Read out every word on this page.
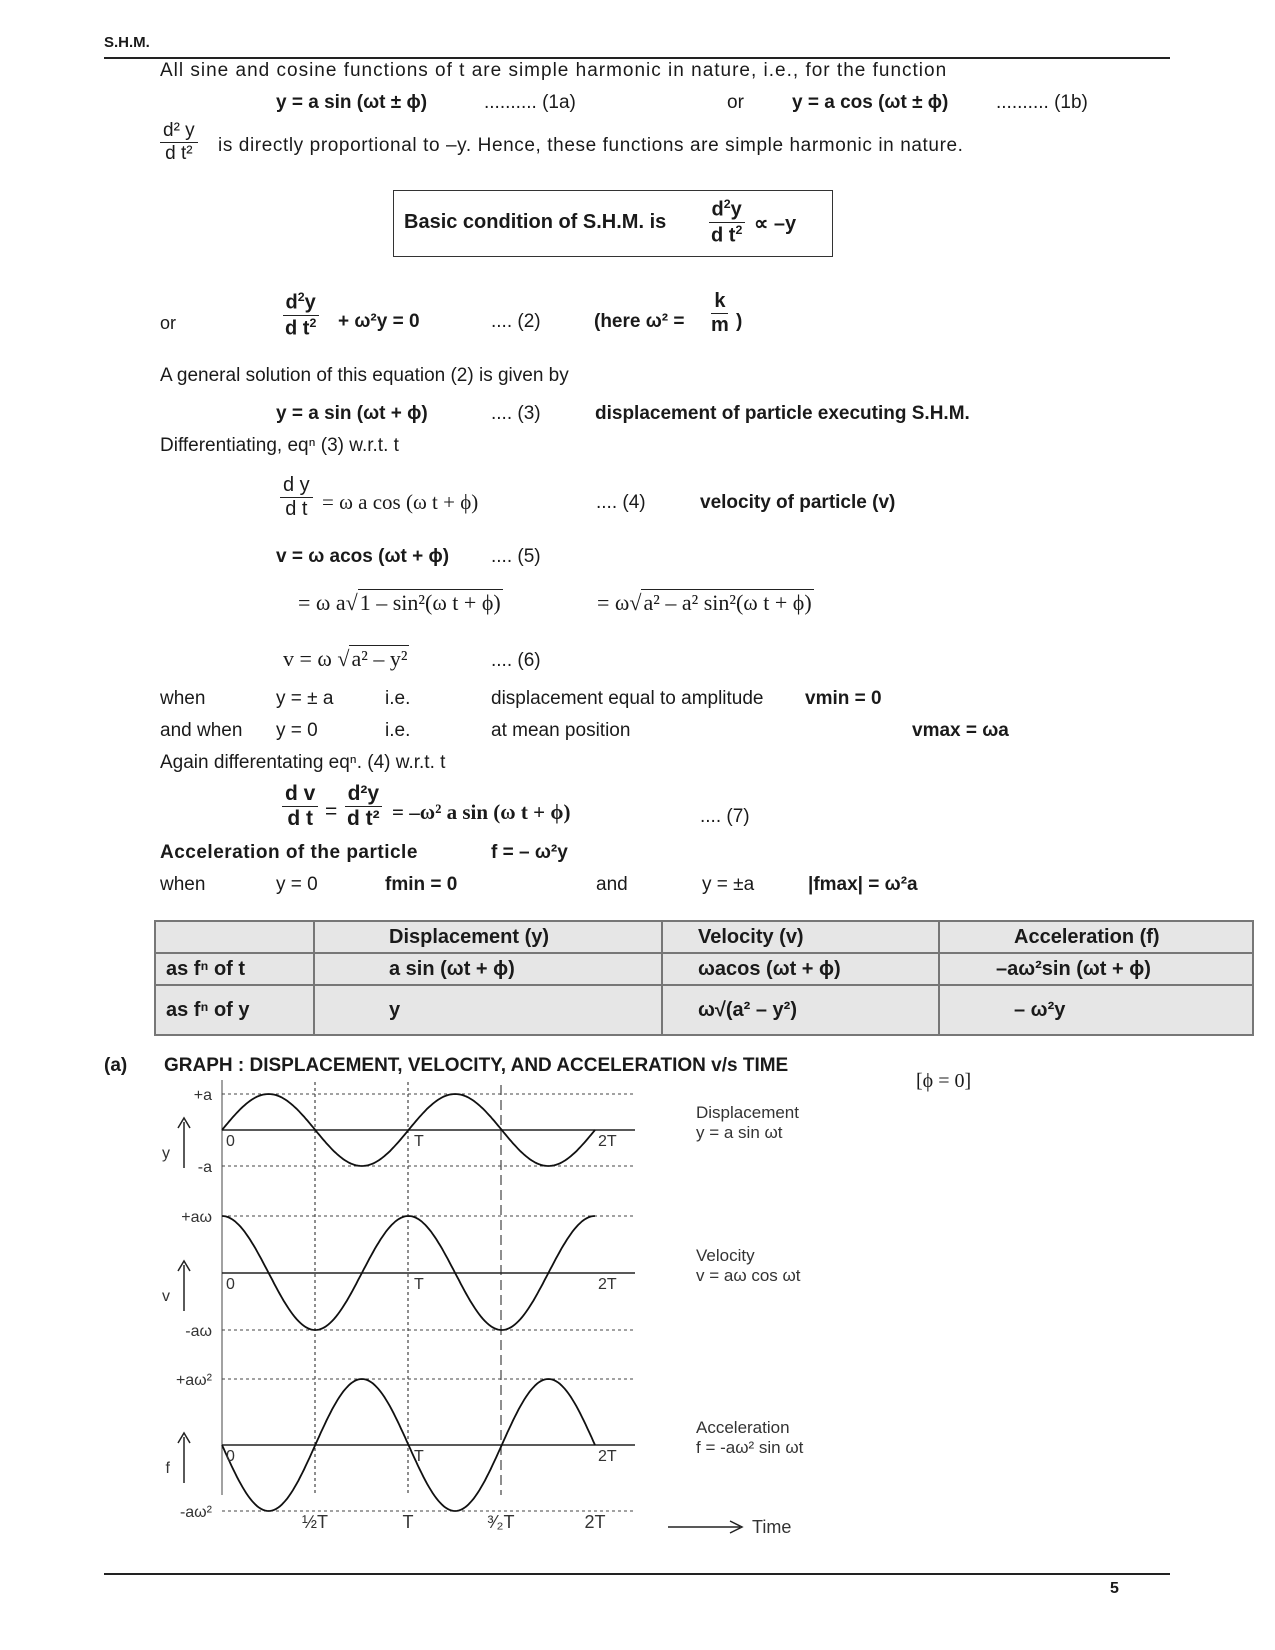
S.H.M.
All sine and cosine functions of t are simple harmonic in nature, i.e., for the function
y = a sin (ωt ± ϕ)	.......... (1a)	or	y = a cos (ωt ± ϕ)	.......... (1b)
$\frac{\text{d² y}}{\text{d t²}}$ is directly proportional to –y. Hence, these functions are simple harmonic in nature.
Basic condition of S.H.M. is $\frac{d^2y}{d t^2} \propto -y$
or	$\frac{d^2y}{d t^2} + \omega^2y = 0$	.... (2)	(here $\omega^2 = \frac{k}{m}$ )
A general solution of this equation (2) is given by
y = a sin (ωt + ϕ)	.... (3)	displacement of particle executing S.H.M.
Differentiating, eqⁿ (3) w.r.t. t
$\frac{\text{d y}}{\text{d t}} = \omega$ a cos (ω t + ϕ)	.... (4)	velocity of particle (v)
v = ω acos (ωt + ϕ) .... (5)
= ω a√1 – sin²(ω t + ϕ)	= ω√a² – a² sin²(ω t + ϕ)
v = ω √a² – y²	.... (6)
when	y = ± a	i.e.	displacement equal to amplitude vmin = 0
and when y = 0	i.e.	at mean position	vmax = ωa
Again differentating eqⁿ. (4) w.r.t. t
$\frac{\text{d v}}{\text{d t}} = \frac{\text{d²y}}{\text{d t²}} = -\omega^2$ a sin (ω t + ϕ)	.... (7)
Acceleration of the particle	f = – ω²y
when	y = 0	fmin = 0	and	y = ±a	|fmax| = ω²a
	Displacement (y)	Velocity (v)	Acceleration (f)
as fⁿ of t	a sin (ωt + ϕ)	ωacos (ωt + ϕ)	–aω²sin (ωt + ϕ)
as fⁿ of y	y	ω√(a² – y²)	– ω²y
(a) GRAPH : DISPLACEMENT, VELOCITY, AND ACCELERATION v/s TIME
[ϕ = 0]
+a
-a
0	T	2T
y
Displacement
y = a sin ωt
+aω
-aω
0	T	2T
v
Velocity
v = aω cos ωt
+aω²
-aω²
0	T	2T
f
Acceleration
f = -aω² sin ωt
½T	T	³⁄₂T	2T	Time
5
